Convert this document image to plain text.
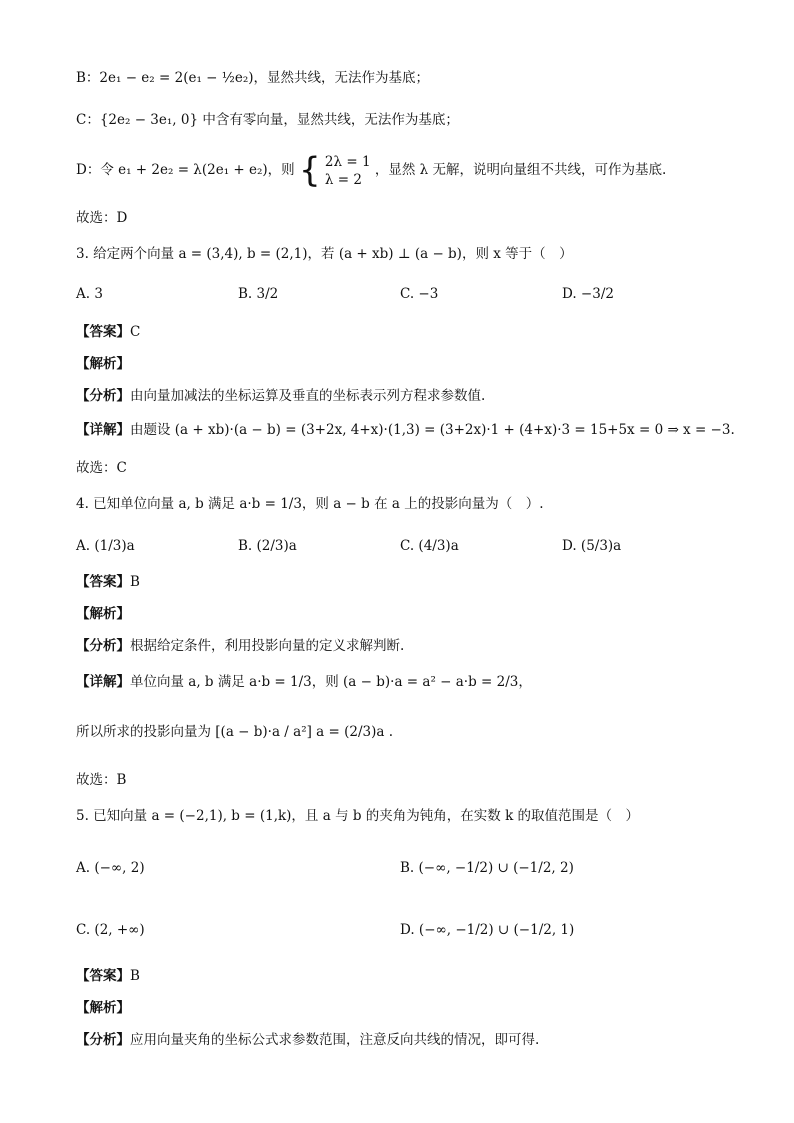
B：2e₁ − e₂ = 2(e₁ − ½e₂)，显然共线，无法作为基底；
C：{2e₂ − 3e₁, 0} 中含有零向量，显然共线，无法作为基底；
D：令 e₁ + 2e₂ = λ(2e₁ + e₂)，则 { 2λ = 1
λ = 2
，显然 λ 无解，说明向量组不共线，可作为基底.
故选：D
3. 给定两个向量 a = (3,4), b = (2,1)，若 (a + xb) ⊥ (a − b)，则 x 等于（　）
A. 3	B. 3/2	C. −3	D. −3/2
【答案】C
【解析】
【分析】由向量加减法的坐标运算及垂直的坐标表示列方程求参数值.
【详解】由题设 (a + xb)·(a − b) = (3+2x, 4+x)·(1,3) = (3+2x)·1 + (4+x)·3 = 15+5x = 0 ⇒ x = −3.
故选：C
4. 已知单位向量 a, b 满足 a·b = 1/3，则 a − b 在 a 上的投影向量为（　）.
A. (1/3)a	B. (2/3)a	C. (4/3)a	D. (5/3)a
【答案】B
【解析】
【分析】根据给定条件，利用投影向量的定义求解判断.
【详解】单位向量 a, b 满足 a·b = 1/3，则 (a − b)·a = a² − a·b = 2/3，
所以所求的投影向量为 [(a − b)·a / a²] a = (2/3)a .
故选：B
5. 已知向量 a = (−2,1), b = (1,k)，且 a 与 b 的夹角为钝角，在实数 k 的取值范围是（　）
A. (−∞, 2)	B. (−∞, −1/2) ∪ (−1/2, 2)
C. (2, +∞)	D. (−∞, −1/2) ∪ (−1/2, 1)
【答案】B
【解析】
【分析】应用向量夹角的坐标公式求参数范围，注意反向共线的情况，即可得.
